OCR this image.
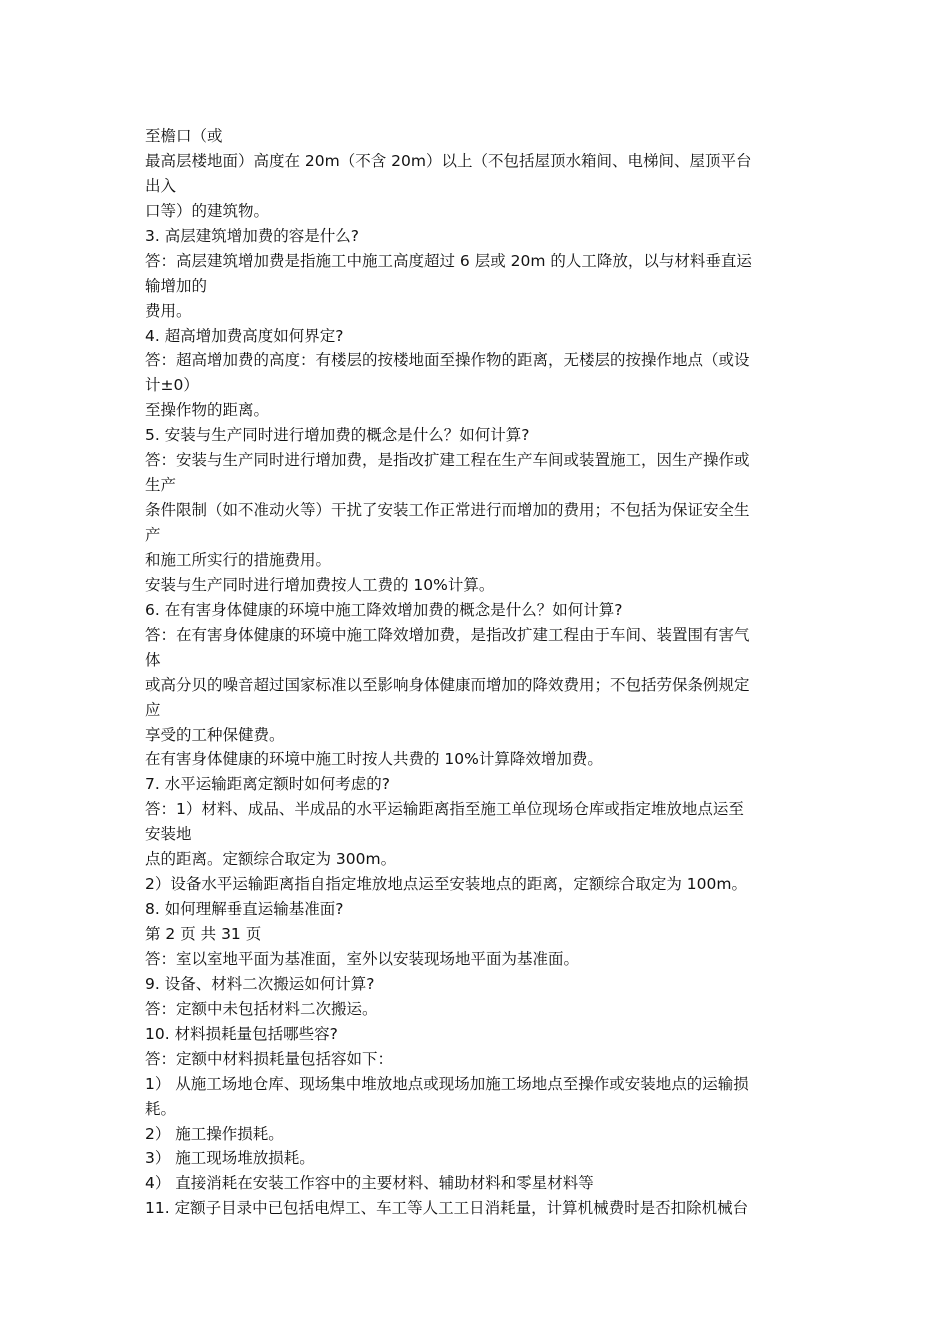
至檐口（或
最高层楼地面）高度在 20m（不含 20m）以上（不包括屋顶水箱间、电梯间、屋顶平台
出入
口等）的建筑物。
3. 高层建筑增加费的容是什么?
答：高层建筑增加费是指施工中施工高度超过 6 层或 20m 的人工降放，以与材料垂直运
输增加的
费用。
4. 超高增加费高度如何界定?
答：超高增加费的高度：有楼层的按楼地面至操作物的距离，无楼层的按操作地点（或设
计±0）
至操作物的距离。
5. 安装与生产同时进行增加费的概念是什么？如何计算?
答：安装与生产同时进行增加费，是指改扩建工程在生产车间或装置施工，因生产操作或
生产
条件限制（如不准动火等）干扰了安装工作正常进行而增加的费用；不包括为保证安全生
产
和施工所实行的措施费用。
安装与生产同时进行增加费按人工费的 10%计算。
6. 在有害身体健康的环境中施工降效增加费的概念是什么？如何计算?
答：在有害身体健康的环境中施工降效增加费，是指改扩建工程由于车间、装置围有害气
体
或高分贝的噪音超过国家标准以至影响身体健康而增加的降效费用；不包括劳保条例规定
应
享受的工种保健费。
在有害身体健康的环境中施工时按人共费的 10%计算降效增加费。
7. 水平运输距离定额时如何考虑的?
答：1）材料、成品、半成品的水平运输距离指至施工单位现场仓库或指定堆放地点运至
安装地
点的距离。定额综合取定为 300m。
2）设备水平运输距离指自指定堆放地点运至安装地点的距离，定额综合取定为 100m。
8. 如何理解垂直运输基准面?
第 2 页 共 31 页
答：室以室地平面为基准面，室外以安装现场地平面为基准面。
9. 设备、材料二次搬运如何计算?
答：定额中未包括材料二次搬运。
10. 材料损耗量包括哪些容?
答：定额中材料损耗量包括容如下：
1） 从施工场地仓库、现场集中堆放地点或现场加施工场地点至操作或安装地点的运输损
耗。
2） 施工操作损耗。
3） 施工现场堆放损耗。
4） 直接消耗在安装工作容中的主要材料、辅助材料和零星材料等
11. 定额子目录中已包括电焊工、车工等人工工日消耗量，计算机械费时是否扣除机械台
